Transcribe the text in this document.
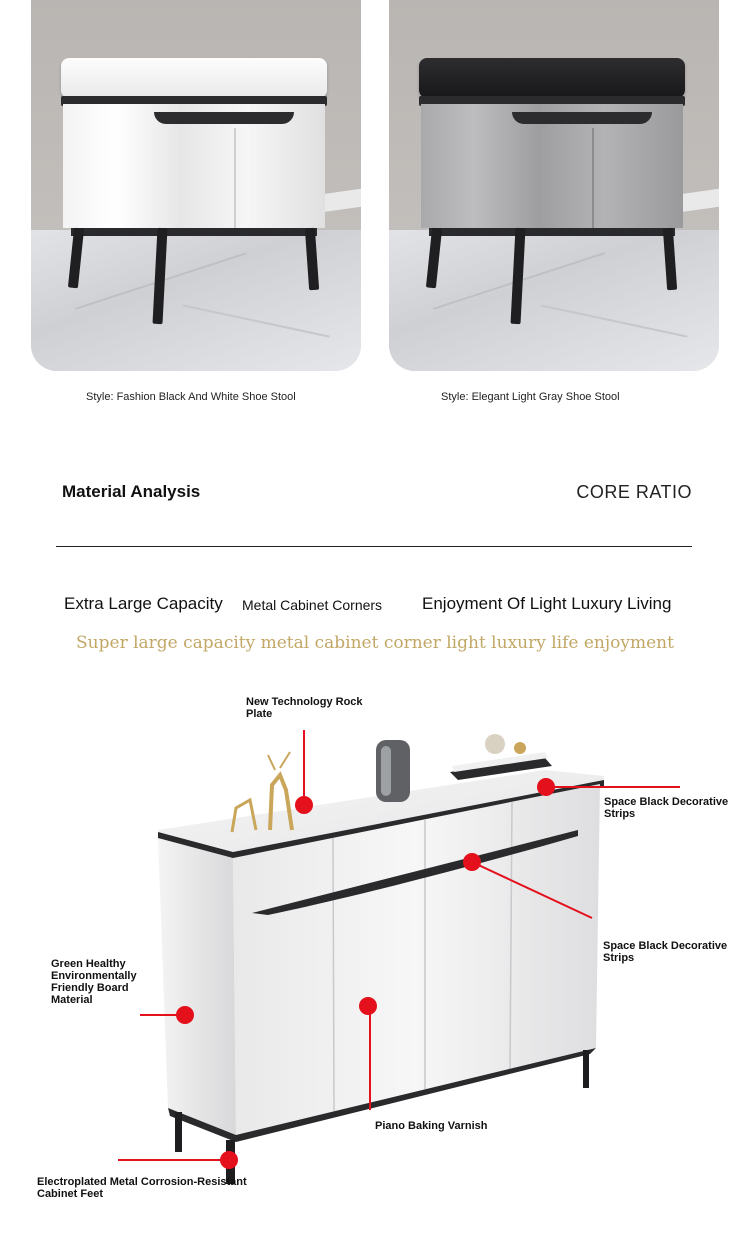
Style: Fashion Black And White Shoe Stool	Style: Elegant Light Gray Shoe Stool
Material Analysis	CORE RATIO
Extra Large Capacity Metal Cabinet Corners Enjoyment Of Light Luxury Living
Super large capacity metal cabinet corner light luxury life enjoyment
New Technology Rock Plate
Space Black Decorative Strips
Space Black Decorative Strips
Green Healthy Environmentally Friendly Board Material
Piano Baking Varnish
Electroplated Metal Corrosion-Resistant Cabinet Feet
